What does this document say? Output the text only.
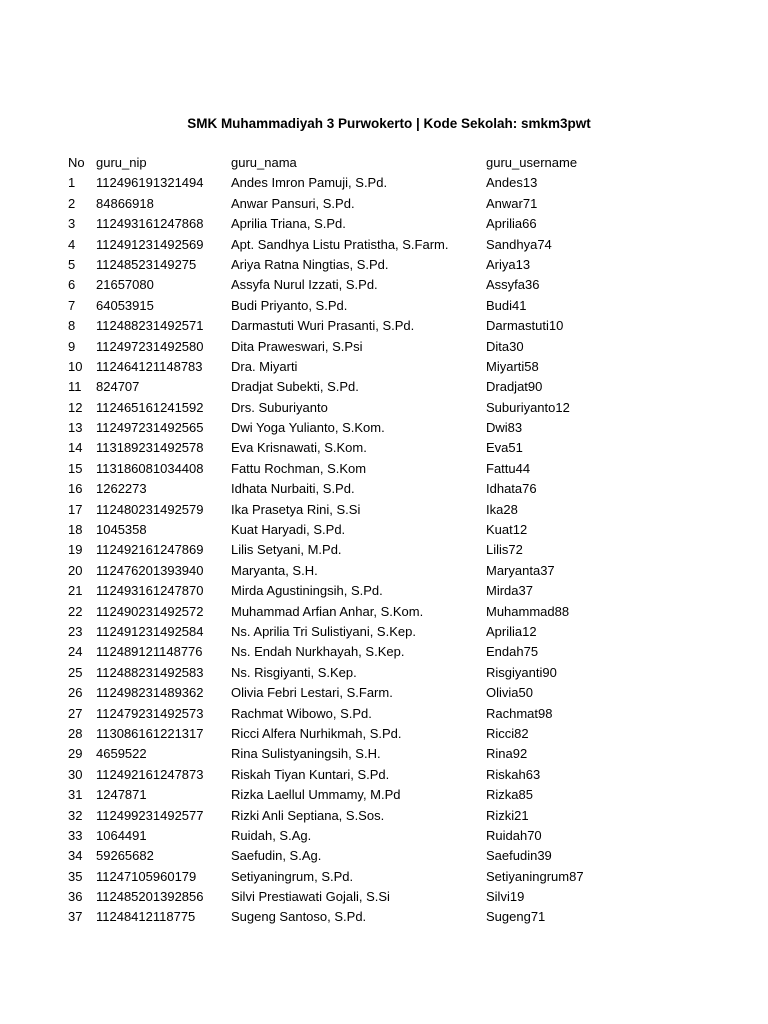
SMK Muhammadiyah 3 Purwokerto | Kode Sekolah: smkm3pwt
No guru_nip	guru_nama	guru_username
1 112496191321494 Andes Imron Pamuji, S.Pd.	Andes13
2 84866918	Anwar Pansuri, S.Pd.	Anwar71
3 112493161247868 Aprilia Triana, S.Pd.	Aprilia66
4 112491231492569 Apt. Sandhya Listu Pratistha, S.Farm.	Sandhya74
5 11248523149275	Ariya Ratna Ningtias, S.Pd.	Ariya13
6 21657080	Assyfa Nurul Izzati, S.Pd.	Assyfa36
7 64053915	Budi Priyanto, S.Pd.	Budi41
8 112488231492571 Darmastuti Wuri Prasanti, S.Pd.	Darmastuti10
9 112497231492580 Dita Praweswari, S.Psi	Dita30
10 112464121148783 Dra. Miyarti	Miyarti58
11 824707	Dradjat Subekti, S.Pd.	Dradjat90
12 112465161241592 Drs. Suburiyanto	Suburiyanto12
13 112497231492565 Dwi Yoga Yulianto, S.Kom.	Dwi83
14 113189231492578 Eva Krisnawati, S.Kom.	Eva51
15 113186081034408 Fattu Rochman, S.Kom	Fattu44
16 1262273	Idhata Nurbaiti, S.Pd.	Idhata76
17 112480231492579 Ika Prasetya Rini, S.Si	Ika28
18 1045358	Kuat Haryadi, S.Pd.	Kuat12
19 112492161247869 Lilis Setyani, M.Pd.	Lilis72
20 112476201393940 Maryanta, S.H.	Maryanta37
21 112493161247870 Mirda Agustiningsih, S.Pd.	Mirda37
22 112490231492572 Muhammad Arfian Anhar, S.Kom.	Muhammad88
23 112491231492584 Ns. Aprilia Tri Sulistiyani, S.Kep.	Aprilia12
24 112489121148776 Ns. Endah Nurkhayah, S.Kep.	Endah75
25 112488231492583 Ns. Risgiyanti, S.Kep.	Risgiyanti90
26 112498231489362 Olivia Febri Lestari, S.Farm.	Olivia50
27 112479231492573 Rachmat Wibowo, S.Pd.	Rachmat98
28 113086161221317 Ricci Alfera Nurhikmah, S.Pd.	Ricci82
29 4659522	Rina Sulistyaningsih, S.H.	Rina92
30 112492161247873 Riskah Tiyan Kuntari, S.Pd.	Riskah63
31 1247871	Rizka Laellul Ummamy, M.Pd	Rizka85
32 112499231492577 Rizki Anli Septiana, S.Sos.	Rizki21
33 1064491	Ruidah, S.Ag.	Ruidah70
34 59265682	Saefudin, S.Ag.	Saefudin39
35 11247105960179	Setiyaningrum, S.Pd.	Setiyaningrum87
36 112485201392856 Silvi Prestiawati Gojali, S.Si	Silvi19
37 11248412118775	Sugeng Santoso, S.Pd.	Sugeng71
